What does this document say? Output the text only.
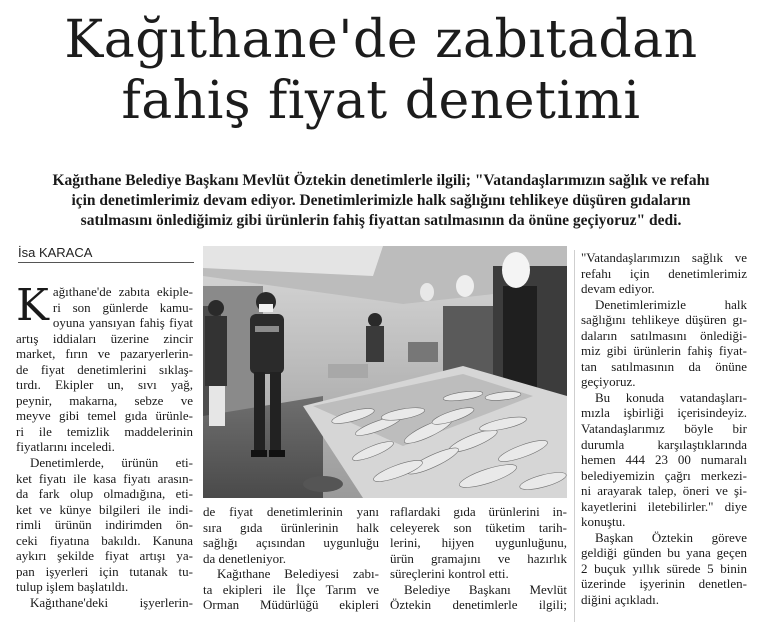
Kağıthane'de zabıtadan
fahiş fiyat denetimi
Kağıthane Belediye Başkanı Mevlüt Öztekin denetimlerle ilgili; "Vatandaşlarımızın sağlık ve refahı
için denetimlerimiz devam ediyor. Denetimlerimizle halk sağlığını tehlikeye düşüren gıdaların
satılmasını önlediğimiz gibi ürünlerin fahiş fiyattan satılmasının da önüne geçiyoruz" dedi.
İsa KARACA
K ağıthane'de zabıta ekiple-
ri son günlerde kamu-
oyuna yansıyan fahiş fiyat
artış iddiaları üzerine zincir
market, fırın ve pazaryerlerin-
de fiyat denetimlerini sıklaş-
tırdı. Ekipler un, sıvı yağ,
peynir, makarna, sebze ve
meyve gibi temel gıda ürünle-
ri ile temizlik maddelerinin
fiyatlarını inceledi.
Denetimlerde, ürünün eti-
ket fiyatı ile kasa fiyatı arasın-
da fark olup olmadığına, eti-
ket ve künye bilgileri ile indi-
rimli ürünün indirimden ön-
ceki fiyatına bakıldı. Kanuna
aykırı şekilde fiyat artışı ya-
pan işyerleri için tutanak tu-
tulup işlem başlatıldı.
Kağıthane'deki işyerlerin-
de fiyat denetimlerinin yanı
sıra gıda ürünlerinin halk
sağlığı açısından uygunluğu
da denetleniyor.
Kağıthane Belediyesi zabı-
ta ekipleri ile İlçe Tarım ve
Orman Müdürlüğü ekipleri
raflardaki gıda ürünlerini in-
celeyerek son tüketim tarih-
lerini, hijyen uygunluğunu,
ürün gramajını ve hazırlık
süreçlerini kontrol etti.
Belediye Başkanı Mevlüt
Öztekin denetimlerle ilgili;
"Vatandaşlarımızın sağlık ve
refahı için denetimlerimiz
devam ediyor.
Denetimlerimizle halk
sağlığını tehlikeye düşüren gı-
daların satılmasını önlediği-
miz gibi ürünlerin fahiş fiyat-
tan satılmasının da önüne
geçiyoruz.
Bu konuda vatandaşları-
mızla işbirliği içerisindeyiz.
Vatandaşlarımız böyle bir
durumla karşılaştıklarında
hemen 444 23 00 numaralı
belediyemizin çağrı merkezi-
ni arayarak talep, öneri ve şi-
kayetlerini iletebilirler." diye
konuştu.
Başkan Öztekin göreve
geldiği günden bu yana geçen
2 buçuk yıllık sürede 5 binin
üzerinde işyerinin denetlen-
diğini açıkladı.
